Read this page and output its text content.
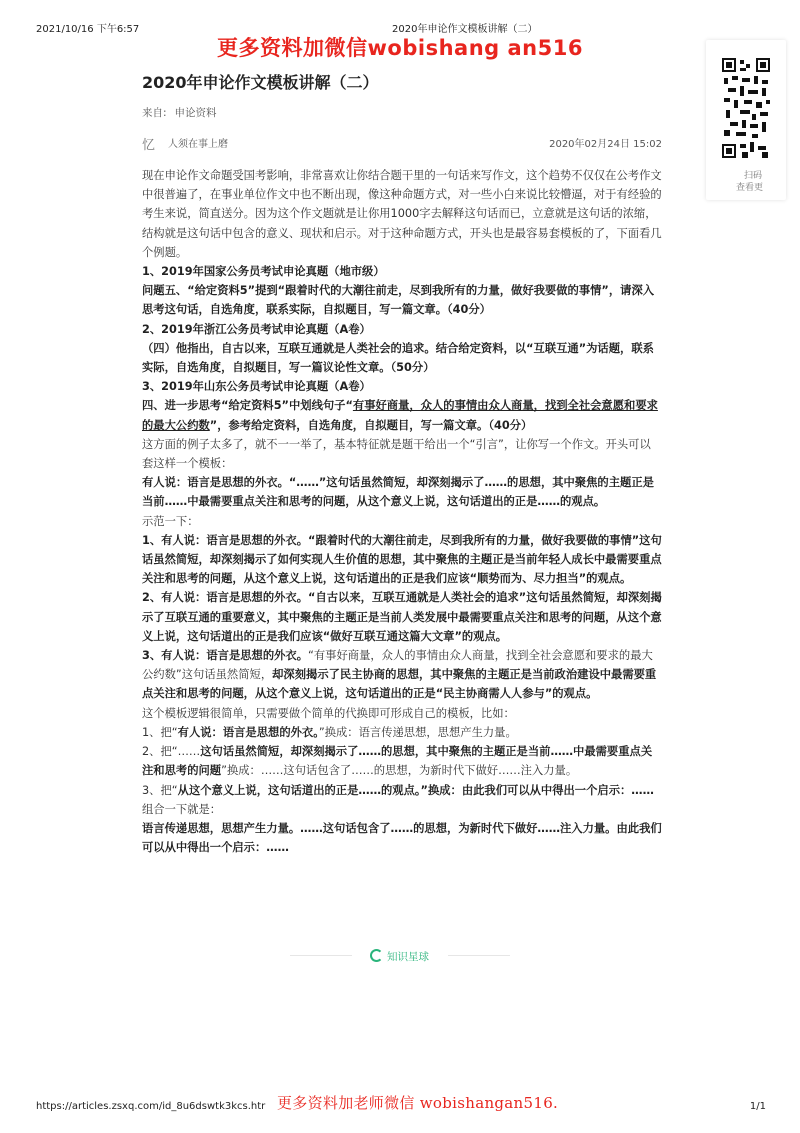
2021/10/16 下午6:57	2020年申论作文模板讲解（二）
更多资料加微信wobishang an516
2020年申论作文模板讲解（二）
来自: 申论资料
忆 人须在事上磨	2020年02月24日 15:02

现在申论作文命题受国考影响，非常喜欢让你结合题干里的一句话来写作文，这个趋势不仅仅在公考作文中很普遍了，在事业单位作文中也不断出现，像这种命题方式，对一些小白来说比较懵逼，对于有经验的考生来说，简直送分。因为这个作文题就是让你用1000字去解释这句话而已，立意就是这句话的浓缩，结构就是这句话中包含的意义、现状和启示。对于这种命题方式，开头也是最容易套模板的了，下面看几个例题。

1、2019年国家公务员考试申论真题（地市级）

问题五、“给定资料5”提到“跟着时代的大潮往前走，尽到我所有的力量，做好我要做的事情”，请深入思考这句话，自选角度，联系实际，自拟题目，写一篇文章。（40分）

2、2019年浙江公务员考试申论真题（A卷）

（四）他指出，自古以来，互联互通就是人类社会的追求。结合给定资料，以“互联互通”为话题，联系实际，自选角度，自拟题目，写一篇议论性文章。（50分）

3、2019年山东公务员考试申论真题（A卷）

四、进一步思考“给定资料5”中划线句子“有事好商量，众人的事情由众人商量，找到全社会意愿和要求的最大公约数”，参考给定资料，自选角度，自拟题目，写一篇文章。（40分）

这方面的例子太多了，就不一一举了，基本特征就是题干给出一个“引言”，让你写一个作文。开头可以套这样一个模板：

有人说：语言是思想的外衣。“……”这句话虽然简短，却深刻揭示了……的思想，其中聚焦的主题正是当前……中最需要重点关注和思考的问题，从这个意义上说，这句话道出的正是……的观点。

示范一下：

1、有人说：语言是思想的外衣。“跟着时代的大潮往前走，尽到我所有的力量，做好我要做的事情”这句话虽然简短，却深刻揭示了如何实现人生价值的思想，其中聚焦的主题正是当前年轻人成长中最需要重点关注和思考的问题，从这个意义上说，这句话道出的正是我们应该“顺势而为、尽力担当”的观点。

2、有人说：语言是思想的外衣。“自古以来，互联互通就是人类社会的追求”这句话虽然简短，却深刻揭示了互联互通的重要意义，其中聚焦的主题正是当前人类发展中最需要重点关注和思考的问题，从这个意义上说，这句话道出的正是我们应该“做好互联互通这篇大文章”的观点。

3、有人说：语言是思想的外衣。“有事好商量，众人的事情由众人商量，找到全社会意愿和要求的最大公约数”这句话虽然简短，却深刻揭示了民主协商的思想，其中聚焦的主题正是当前政治建设中最需要重点关注和思考的问题，从这个意义上说，这句话道出的正是“民主协商需人人参与”的观点。

这个模板逻辑很简单，只需要做个简单的代换即可形成自己的模板，比如：

1、把“有人说：语言是思想的外衣。”换成：语言传递思想，思想产生力量。

2、把“……这句话虽然简短，却深刻揭示了……的思想，其中聚焦的主题正是当前……中最需要重点关注和思考的问题”换成：……这句话包含了……的思想，为新时代下做好……注入力量。

3、把“从这个意义上说，这句话道出的正是……的观点。”换成：由此我们可以从中得出一个启示：……

组合一下就是：

语言传递思想，思想产生力量。……这句话包含了……的思想，为新时代下做好……注入力量。由此我们可以从中得出一个启示：……

知识星球
扫码
查看更
更多资料加老师微信 wobishangan516.
https://articles.zsxq.com/id_8u6dswtk3kcs.htr	1/1
